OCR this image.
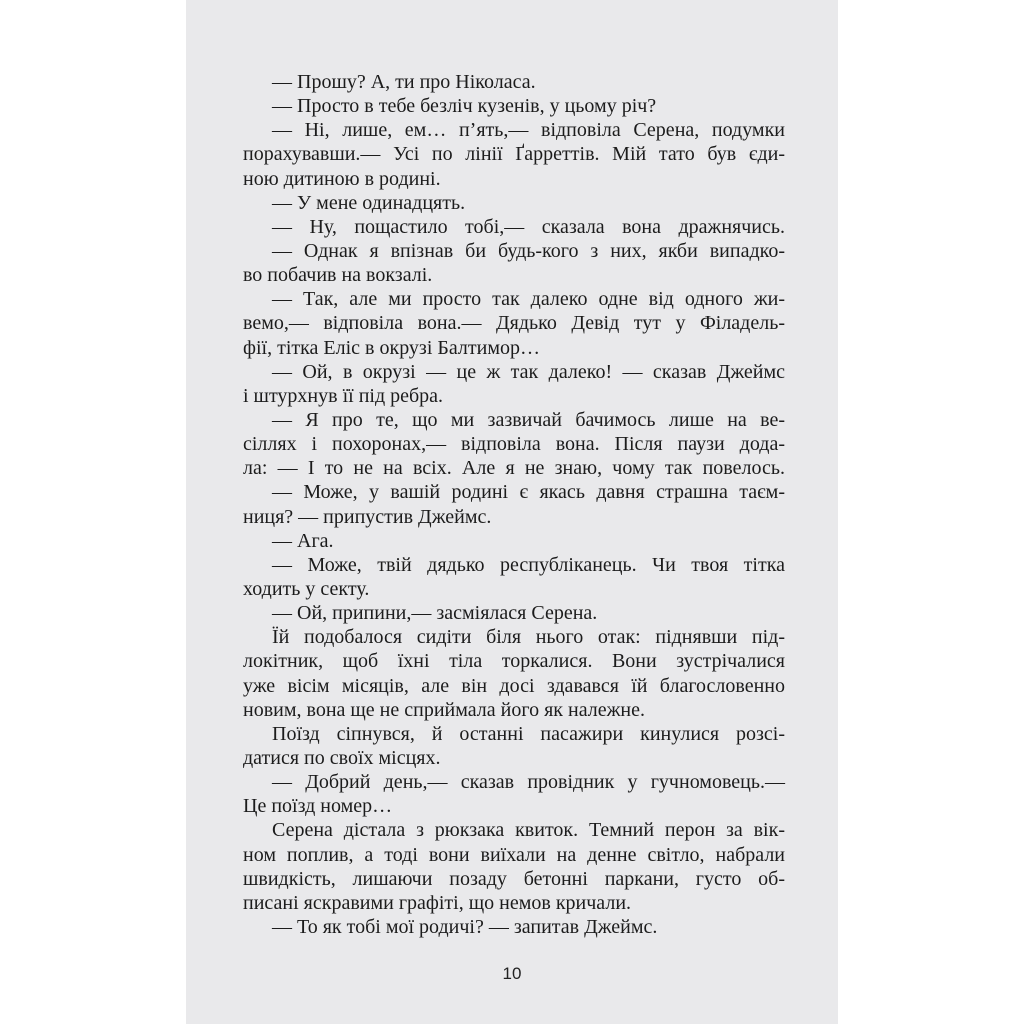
— Прошу? А, ти про Ніколаса.
— Просто в тебе безліч кузенів, у цьому річ?
— Ні, лише, ем… п’ять,— відповіла Серена, подумки
порахувавши.— Усі по лінії Ґарреттів. Мій тато був єди-
ною дитиною в родині.
— У мене одинадцять.
— Ну, пощастило тобі,— сказала вона дражнячись.
— Однак я впізнав би будь-кого з них, якби випадко-
во побачив на вокзалі.
— Так, але ми просто так далеко одне від одного жи-
вемо,— відповіла вона.— Дядько Девід тут у Філадель-
фії, тітка Еліс в окрузі Балтимор…
— Ой, в окрузі — це ж так далеко! — сказав Джеймс
і штурхнув її під ребра.
— Я про те, що ми зазвичай бачимось лише на ве-
сіллях і похоронах,— відповіла вона. Після паузи дода-
ла: — І то не на всіх. Але я не знаю, чому так повелось.
— Може, у вашій родині є якась давня страшна таєм-
ниця? — припустив Джеймс.
— Ага.
— Може, твій дядько республіканець. Чи твоя тітка
ходить у секту.
— Ой, припини,— засміялася Серена.
Їй подобалося сидіти біля нього отак: піднявши під-
локітник, щоб їхні тіла торкалися. Вони зустрічалися
уже вісім місяців, але він досі здавався їй благословенно
новим, вона ще не сприймала його як належне.
Поїзд сіпнувся, й останні пасажири кинулися розсі-
датися по своїх місцях.
— Добрий день,— сказав провідник у гучномовець.—
Це поїзд номер…
Серена дістала з рюкзака квиток. Темний перон за вік-
ном поплив, а тоді вони виїхали на денне світло, набрали
швидкість, лишаючи позаду бетонні паркани, густо об-
писані яскравими графіті, що немов кричали.
— То як тобі мої родичі? — запитав Джеймс.
10
